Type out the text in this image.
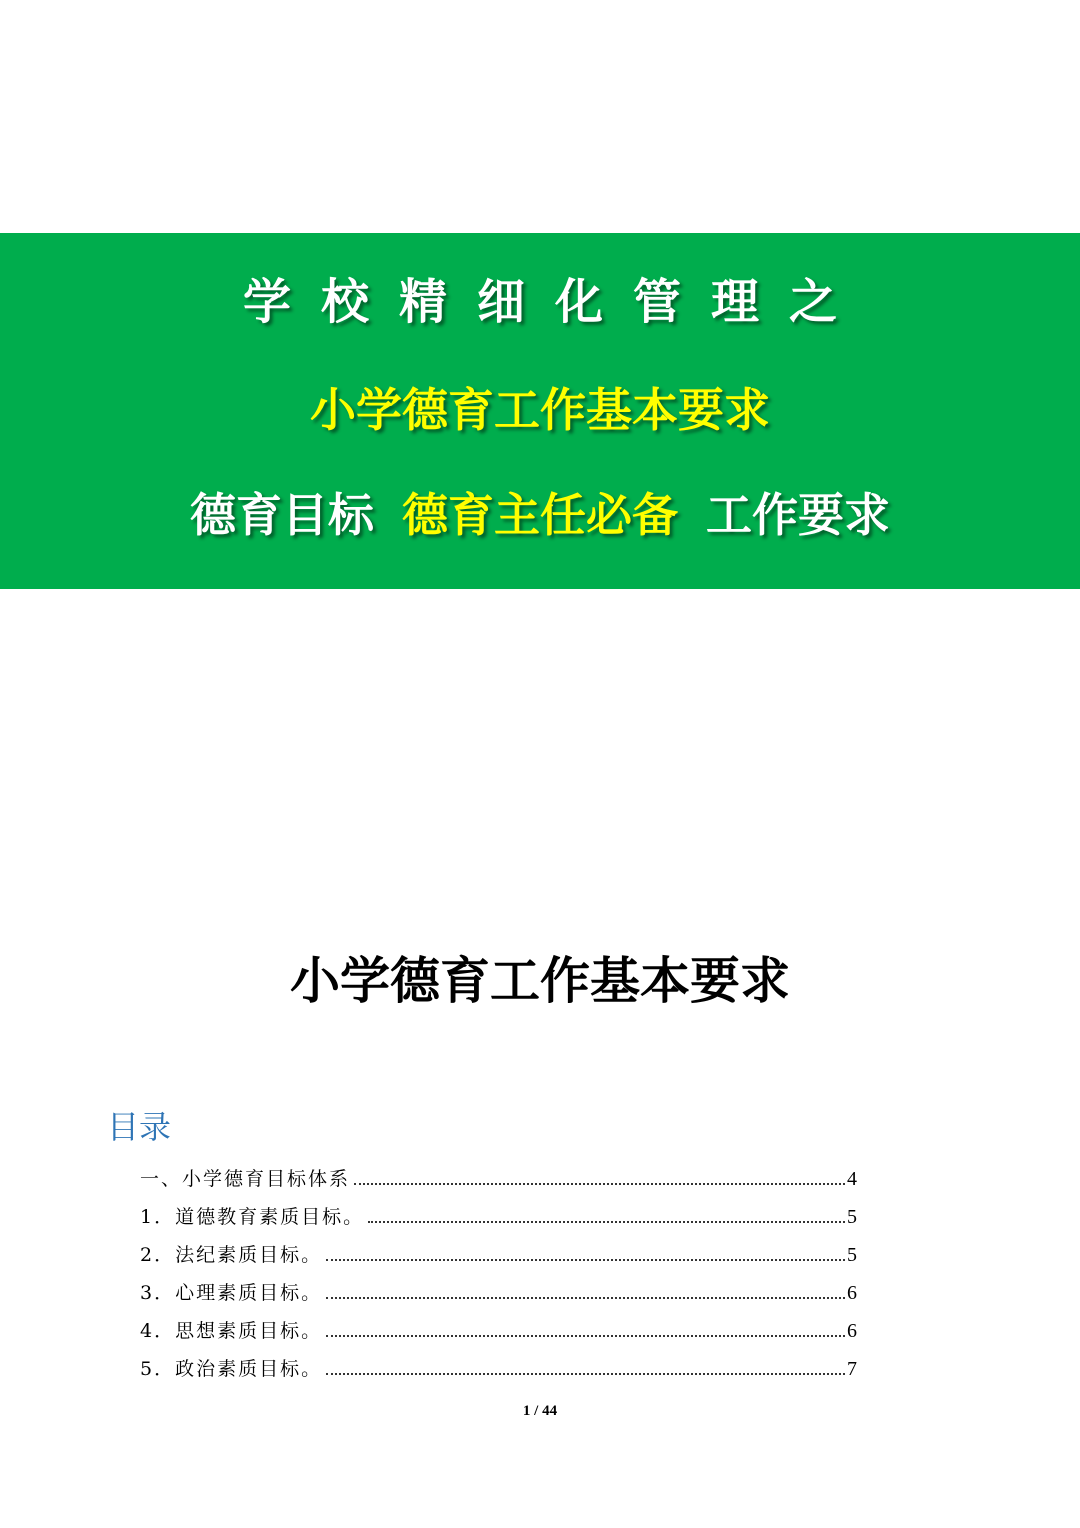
学校精细化管理之
小学德育工作基本要求
德育目标 德育主任必备 工作要求
小学德育工作基本要求
目录
一、小学德育目标体系	4
1．道德教育素质目标。	5
2．法纪素质目标。	5
3．心理素质目标。	6
4．思想素质目标。	6
5．政治素质目标。	7
1 / 44
